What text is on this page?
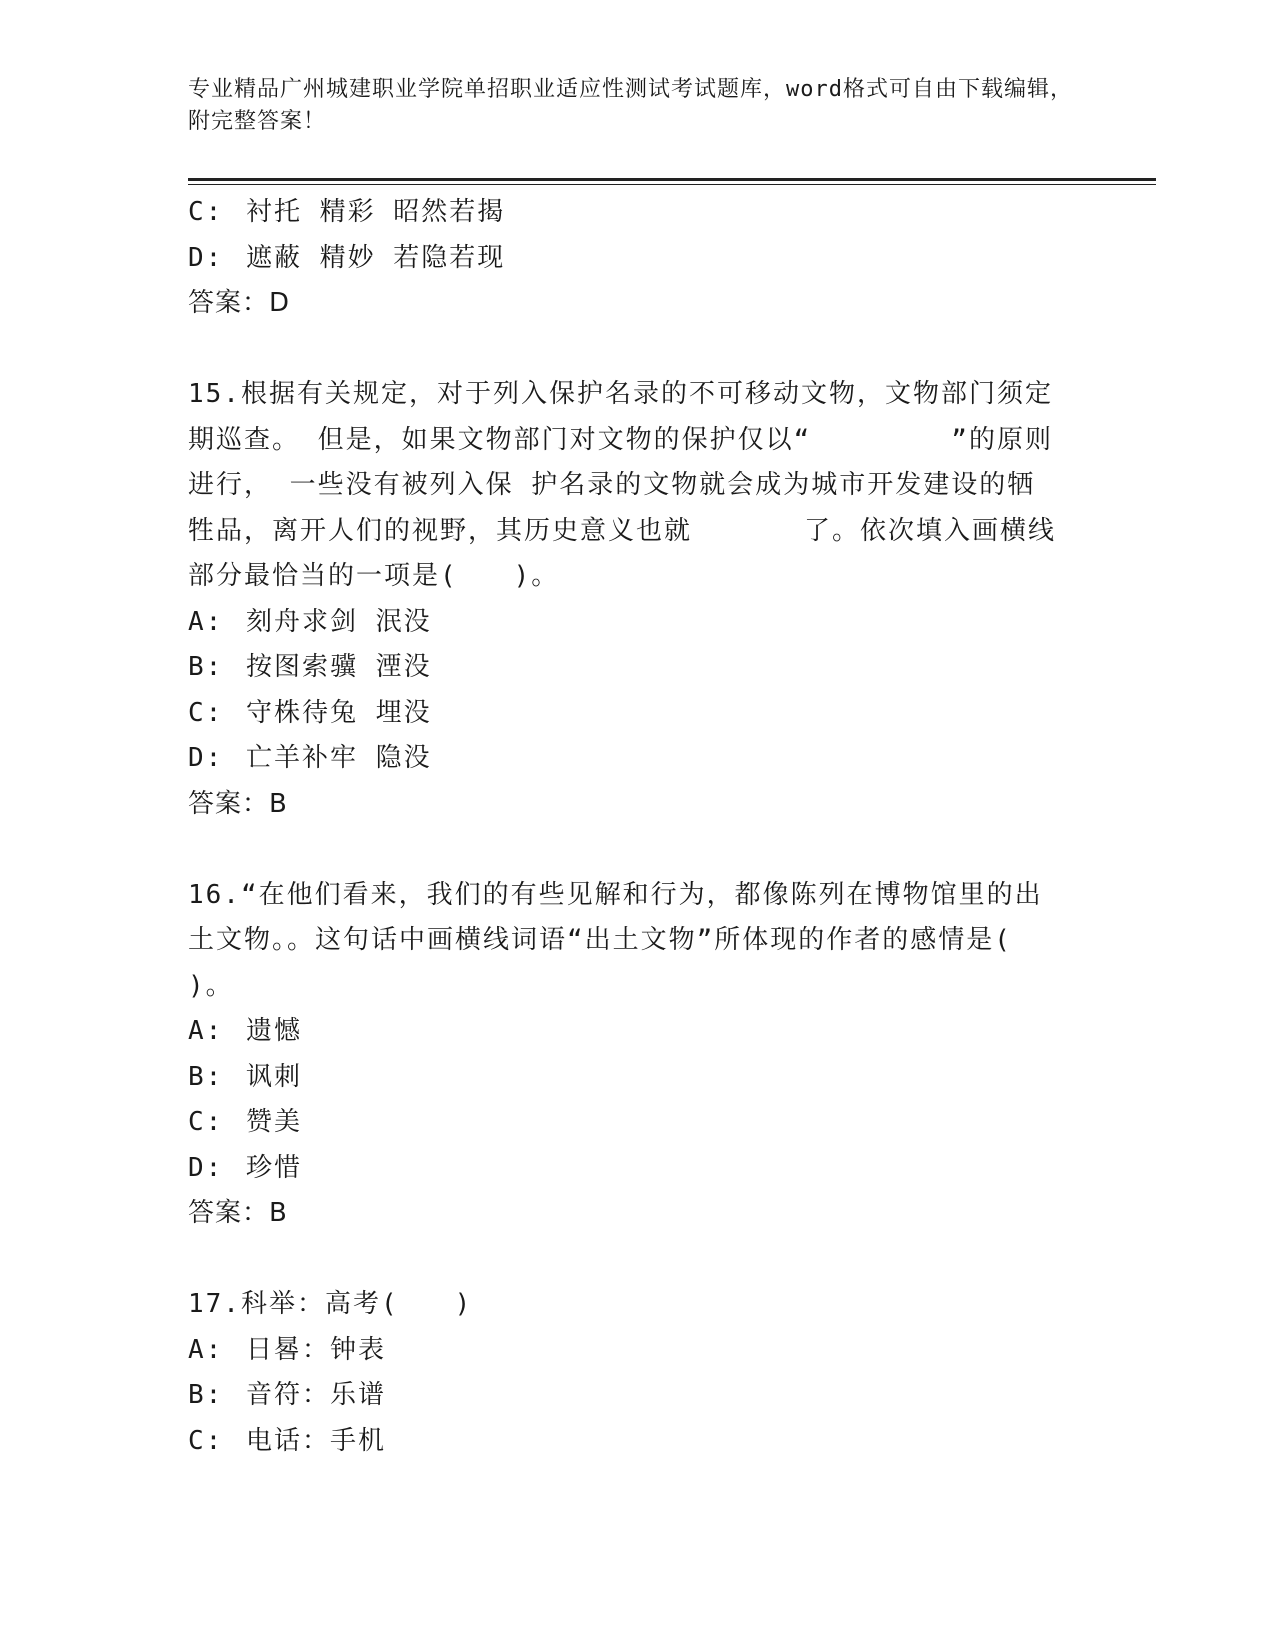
专业精品广州城建职业学院单招职业适应性测试考试题库，word格式可自由下载编辑，附完整答案！
C: 衬托 精彩 昭然若揭
D: 遮蔽 精妙 若隐若现
答案：D
15.根据有关规定，对于列入保护名录的不可移动文物，文物部门须定
期巡查。 但是，如果文物部门对文物的保护仅以“　　　　　”的原则
进行， 一些没有被列入保 护名录的文物就会成为城市开发建设的牺
牲品，离开人们的视野，其历史意义也就　　　　了。依次填入画横线
部分最恰当的一项是(　　)。
A: 刻舟求剑 泯没
B: 按图索骥 湮没
C: 守株待兔 埋没
D: 亡羊补牢 隐没
答案：B
16.“在他们看来，我们的有些见解和行为，都像陈列在博物馆里的出
土文物。。这句话中画横线词语“出土文物”所体现的作者的感情是(
)。
A: 遗憾
B: 讽刺
C: 赞美
D: 珍惜
答案：B
17.科举：高考(　　)
A: 日晷：钟表
B: 音符：乐谱
C: 电话：手机
